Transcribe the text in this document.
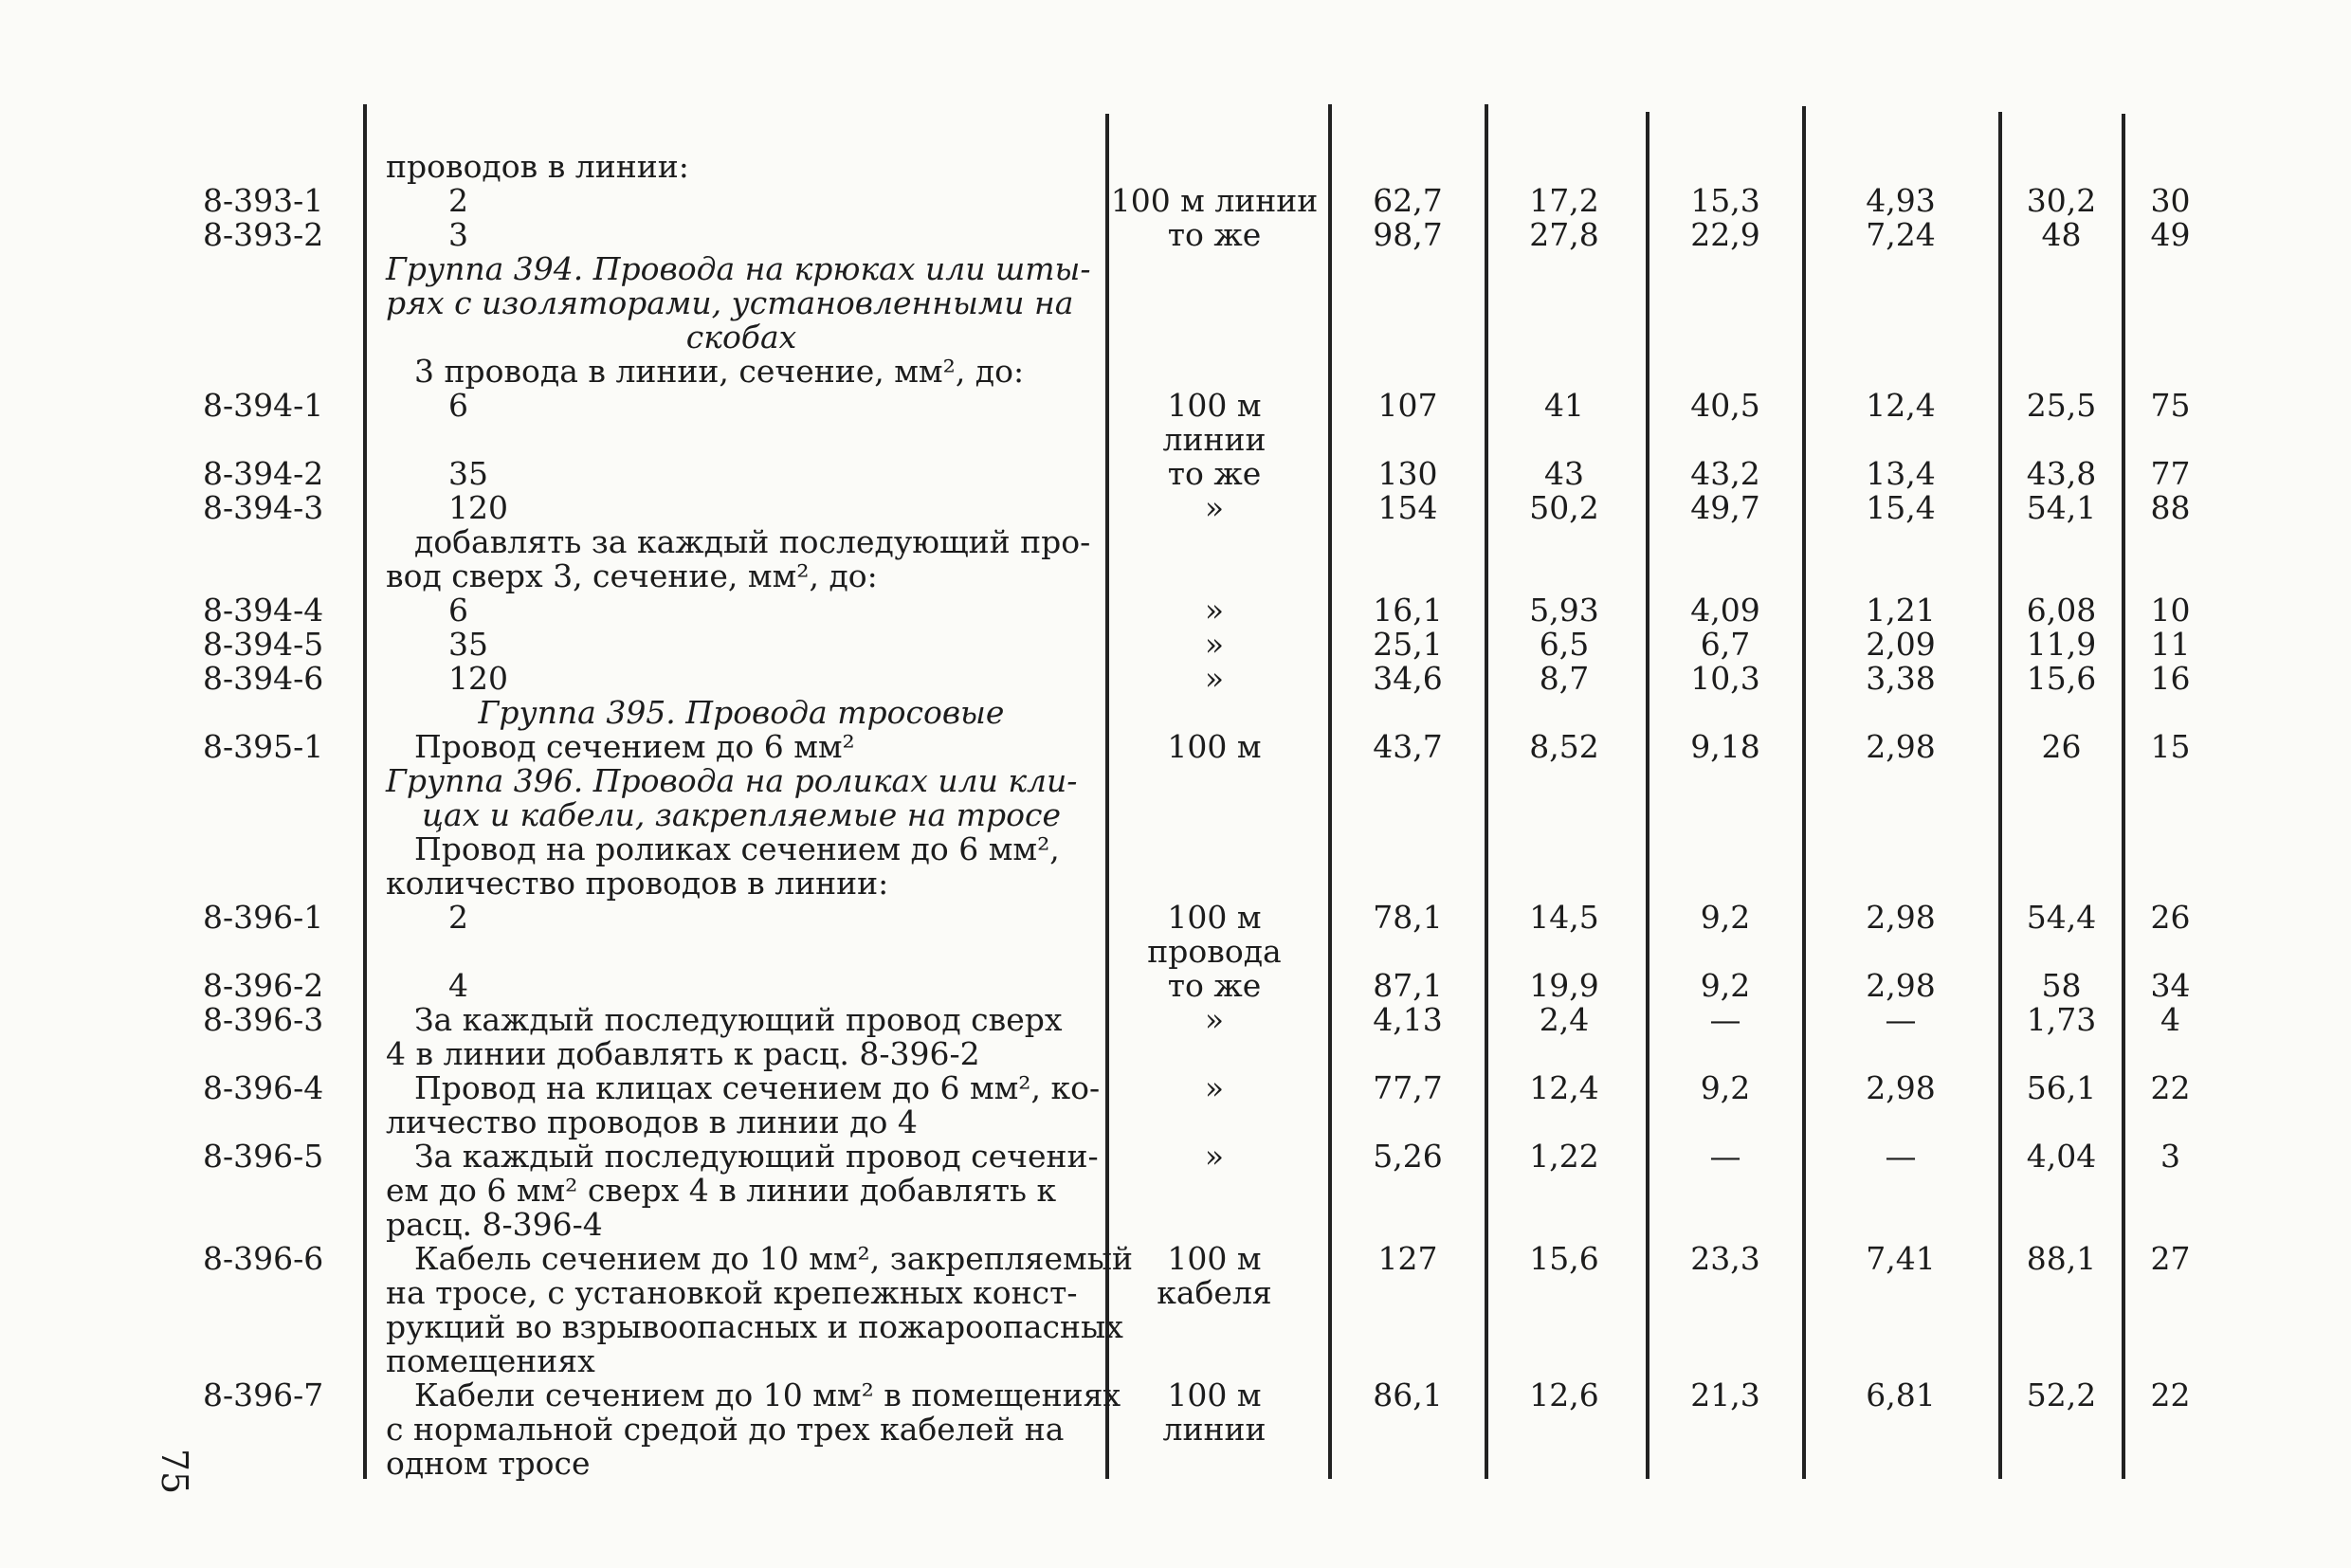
проводов в линии:
8-393-1	2	100 м линии	62,7	17,2	15,3	4,93	30,2	30
8-393-2	3	то же	98,7	27,8	22,9	7,24	48	49
Группа 394. Провода на крюках или шты-
рях с изоляторами, установленными на
скобах
3 провода в линии, сечение, мм², до:
8-394-1	6	100 м	107	41	40,5	12,4	25,5	75
линии
8-394-2	35	то же	130	43	43,2	13,4	43,8	77
8-394-3	120	»	154	50,2	49,7	15,4	54,1	88
добавлять за каждый последующий про-
вод сверх 3, сечение, мм², до:
8-394-4	6	»	16,1	5,93	4,09	1,21	6,08	10
8-394-5	35	»	25,1	6,5	6,7	2,09	11,9	11
8-394-6	120	»	34,6	8,7	10,3	3,38	15,6	16
Группа 395. Провода тросовые
8-395-1	Провод сечением до 6 мм²	100 м	43,7	8,52	9,18	2,98	26	15
Группа 396. Провода на роликах или кли-
цах и кабели, закрепляемые на тросе
Провод на роликах сечением до 6 мм²,
количество проводов в линии:
8-396-1	2	100 м	78,1	14,5	9,2	2,98	54,4	26
провода
8-396-2	4	то же	87,1	19,9	9,2	2,98	58	34
8-396-3	За каждый последующий провод сверх	»	4,13	2,4	—	—	1,73	4
4 в линии добавлять к расц. 8-396-2
8-396-4	Провод на клицах сечением до 6 мм², ко-	»	77,7	12,4	9,2	2,98	56,1	22
личество проводов в линии до 4
8-396-5	За каждый последующий провод сечени-	»	5,26	1,22	—	—	4,04	3
ем до 6 мм² сверх 4 в линии добавлять к
расц. 8-396-4
8-396-6	Кабель сечением до 10 мм², закрепляемый	100 м	127	15,6	23,3	7,41	88,1	27
на тросе, с установкой крепежных конст-	кабеля
рукций во взрывоопасных и пожароопасных
помещениях
8-396-7	Кабели сечением до 10 мм² в помещениях	100 м	86,1	12,6	21,3	6,81	52,2	22
с нормальной средой до трех кабелей на	линии
одном тросе
75
